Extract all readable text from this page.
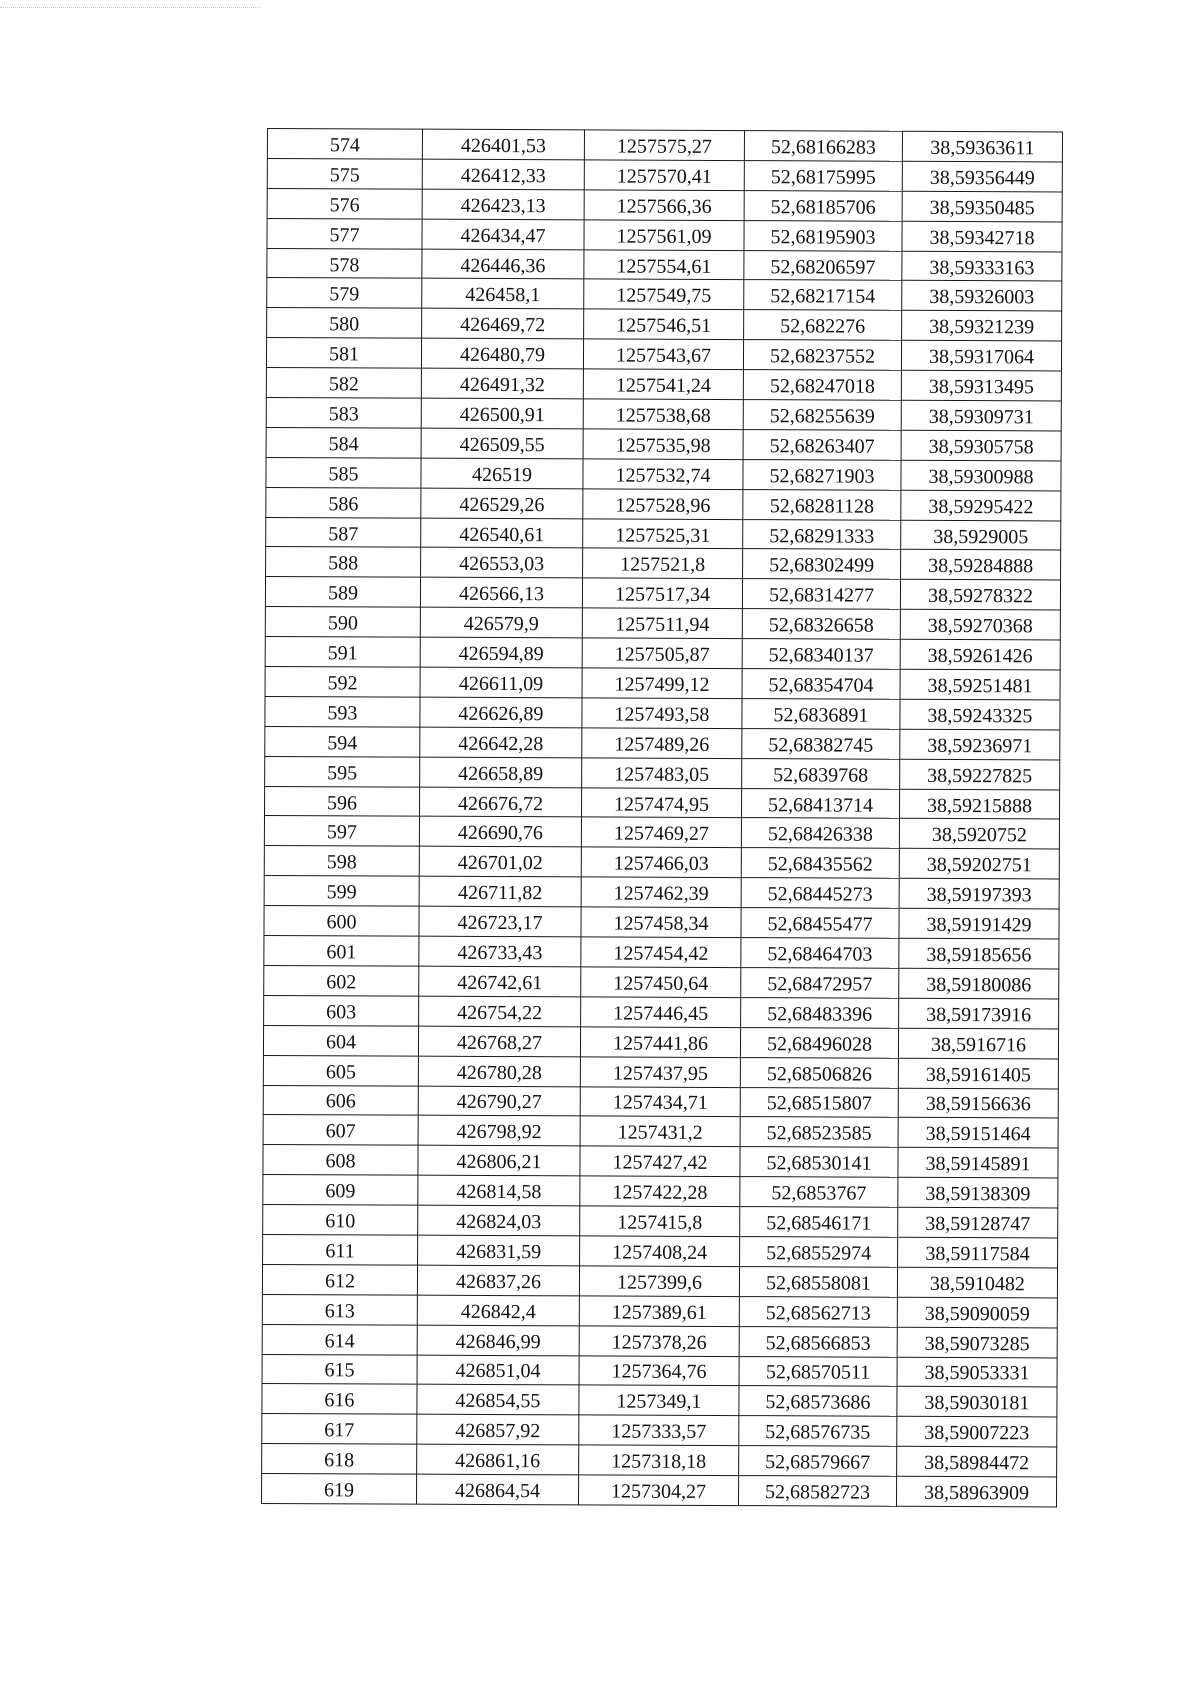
574	426401,53	1257575,27	52,68166283	38,59363611
575	426412,33	1257570,41	52,68175995	38,59356449
576	426423,13	1257566,36	52,68185706	38,59350485
577	426434,47	1257561,09	52,68195903	38,59342718
578	426446,36	1257554,61	52,68206597	38,59333163
579	426458,1	1257549,75	52,68217154	38,59326003
580	426469,72	1257546,51	52,682276	38,59321239
581	426480,79	1257543,67	52,68237552	38,59317064
582	426491,32	1257541,24	52,68247018	38,59313495
583	426500,91	1257538,68	52,68255639	38,59309731
584	426509,55	1257535,98	52,68263407	38,59305758
585	426519	1257532,74	52,68271903	38,59300988
586	426529,26	1257528,96	52,68281128	38,59295422
587	426540,61	1257525,31	52,68291333	38,5929005
588	426553,03	1257521,8	52,68302499	38,59284888
589	426566,13	1257517,34	52,68314277	38,59278322
590	426579,9	1257511,94	52,68326658	38,59270368
591	426594,89	1257505,87	52,68340137	38,59261426
592	426611,09	1257499,12	52,68354704	38,59251481
593	426626,89	1257493,58	52,6836891	38,59243325
594	426642,28	1257489,26	52,68382745	38,59236971
595	426658,89	1257483,05	52,6839768	38,59227825
596	426676,72	1257474,95	52,68413714	38,59215888
597	426690,76	1257469,27	52,68426338	38,5920752
598	426701,02	1257466,03	52,68435562	38,59202751
599	426711,82	1257462,39	52,68445273	38,59197393
600	426723,17	1257458,34	52,68455477	38,59191429
601	426733,43	1257454,42	52,68464703	38,59185656
602	426742,61	1257450,64	52,68472957	38,59180086
603	426754,22	1257446,45	52,68483396	38,59173916
604	426768,27	1257441,86	52,68496028	38,5916716
605	426780,28	1257437,95	52,68506826	38,59161405
606	426790,27	1257434,71	52,68515807	38,59156636
607	426798,92	1257431,2	52,68523585	38,59151464
608	426806,21	1257427,42	52,68530141	38,59145891
609	426814,58	1257422,28	52,6853767	38,59138309
610	426824,03	1257415,8	52,68546171	38,59128747
611	426831,59	1257408,24	52,68552974	38,59117584
612	426837,26	1257399,6	52,68558081	38,5910482
613	426842,4	1257389,61	52,68562713	38,59090059
614	426846,99	1257378,26	52,68566853	38,59073285
615	426851,04	1257364,76	52,68570511	38,59053331
616	426854,55	1257349,1	52,68573686	38,59030181
617	426857,92	1257333,57	52,68576735	38,59007223
618	426861,16	1257318,18	52,68579667	38,58984472
619	426864,54	1257304,27	52,68582723	38,58963909
